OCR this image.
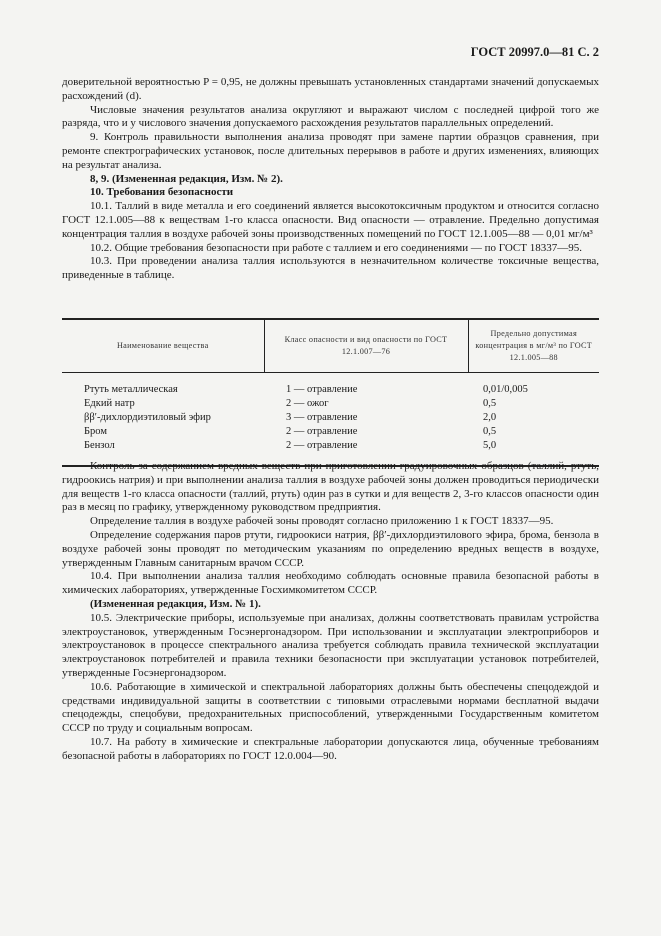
ГОСТ 20997.0—81 С. 2

доверительной вероятностью P = 0,95, не должны превышать установленных стандартами значений допускаемых расхождений (d).

Числовые значения результатов анализа округляют и выражают числом с последней цифрой того же разряда, что и у числового значения допускаемого расхождения результатов параллельных определений.

9. Контроль правильности выполнения анализа проводят при замене партии образцов сравнения, при ремонте спектрографических установок, после длительных перерывов в работе и других изменениях, влияющих на результат анализа.

8, 9. (Измененная редакция, Изм. № 2).

10. Требования безопасности

10.1. Таллий в виде металла и его соединений является высокотоксичным продуктом и относится согласно ГОСТ 12.1.005—88 к веществам 1-го класса опасности. Вид опасности — отравление. Предельно допустимая концентрация таллия в воздухе рабочей зоны производственных помещений по ГОСТ 12.1.005—88 — 0,01 мг/м³

10.2. Общие требования безопасности при работе с таллием и его соединениями — по ГОСТ 18337—95.

10.3. При проведении анализа таллия используются в незначительном количестве токсичные вещества, приведенные в таблице.

Наименование вещества	Класс опасности и вид опасности по ГОСТ 12.1.007—76	Предельно допустимая концентрация в мг/м³ по ГОСТ 12.1.005—88
Ртуть металлическая	1 — отравление	0,01/0,005
Едкий натр	2 — ожог	0,5
ββ′-дихлордиэтиловый эфир	3 — отравление	2,0
Бром	2 — отравление	0,5
Бензол	2 — отравление	5,0

Контроль за содержанием вредных веществ при приготовлении градуировочных образцов (таллий, ртуть, гидроокись натрия) и при выполнении анализа таллия в воздухе рабочей зоны должен проводиться периодически для веществ 1-го класса опасности (таллий, ртуть) один раз в сутки и для веществ 2, 3-го классов опасности один раз в месяц по графику, утвержденному руководством предприятия.

Определение таллия в воздухе рабочей зоны проводят согласно приложению 1 к ГОСТ 18337—95.

Определение содержания паров ртути, гидроокиси натрия, ββ′-дихлордиэтилового эфира, брома, бензола в воздухе рабочей зоны проводят по методическим указаниям по определению вредных веществ в воздухе, утвержденным Главным санитарным врачом СССР.

10.4. При выполнении анализа таллия необходимо соблюдать основные правила безопасной работы в химических лабораториях, утвержденные Госхимкомитетом СССР.

(Измененная редакция, Изм. № 1).

10.5. Электрические приборы, используемые при анализах, должны соответствовать правилам устройства электроустановок, утвержденным Госэнергонадзором. При использовании и эксплуатации электроприборов и электроустановок в процессе спектрального анализа требуется соблюдать правила технической эксплуатации электроустановок потребителей и правила техники безопасности при эксплуатации установок потребителей, утвержденные Госэнергонадзором.

10.6. Работающие в химической и спектральной лабораториях должны быть обеспечены спецодеждой и средствами индивидуальной защиты в соответствии с типовыми отраслевыми нормами бесплатной выдачи спецодежды, спецобуви, предохранительных приспособлений, утвержденными Государственным комитетом СССР по труду и социальным вопросам.

10.7. На работу в химические и спектральные лаборатории допускаются лица, обученные требованиям безопасной работы в лабораториях по ГОСТ 12.0.004—90.
